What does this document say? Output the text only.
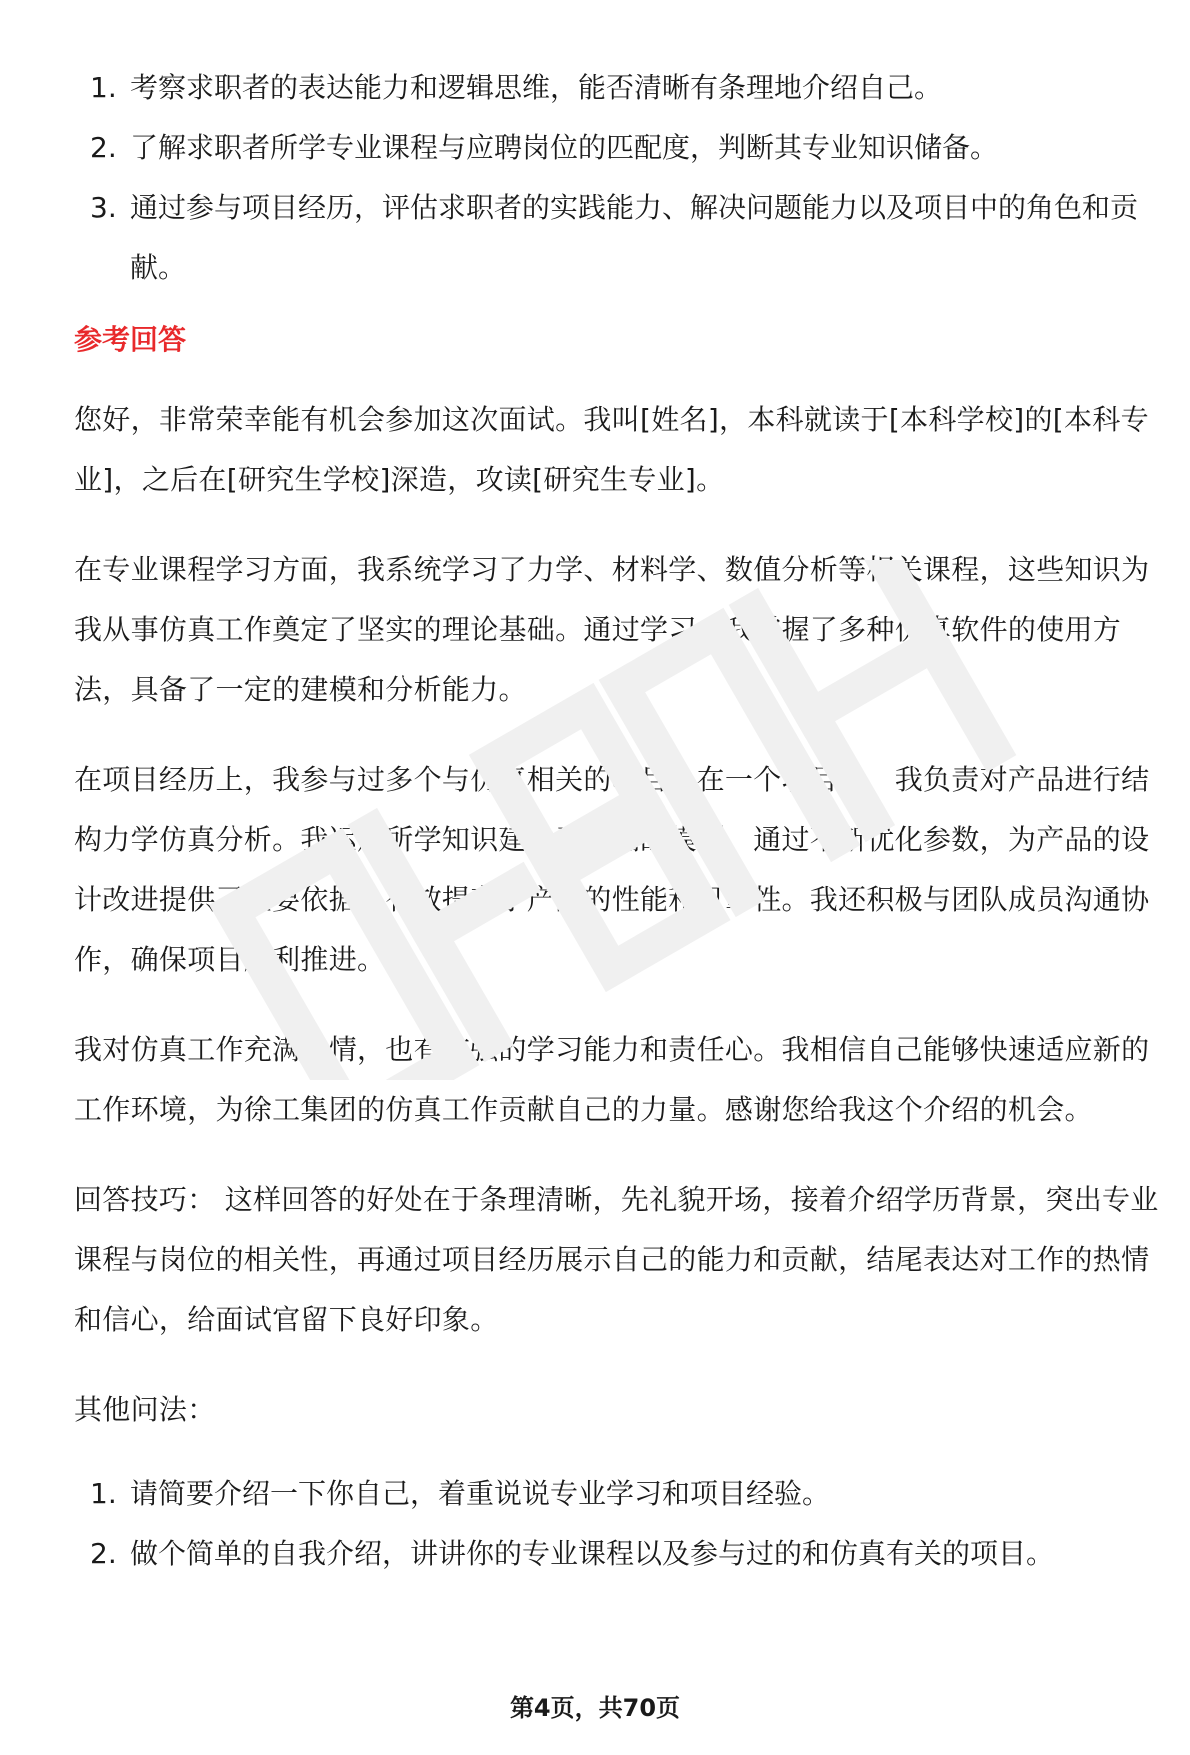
1. 考察求职者的表达能力和逻辑思维，能否清晰有条理地介绍自己。
2. 了解求职者所学专业课程与应聘岗位的匹配度，判断其专业知识储备。
3. 通过参与项目经历，评估求职者的实践能力、解决问题能力以及项目中的角色和贡献。
参考回答

您好，非常荣幸能有机会参加这次面试。我叫[姓名]，本科就读于[本科学校]的[本科专业]，之后在[研究生学校]深造，攻读[研究生专业]。

在专业课程学习方面，我系统学习了力学、材料学、数值分析等相关课程，这些知识为我从事仿真工作奠定了坚实的理论基础。通过学习，我掌握了多种仿真软件的使用方法，具备了一定的建模和分析能力。

在项目经历上，我参与过多个与仿真相关的项目。在一个项目中，我负责对产品进行结构力学仿真分析。我运用所学知识建立了精确的模型，通过不断优化参数，为产品的设计改进提供了重要依据，有效提高了产品的性能和可靠性。我还积极与团队成员沟通协作，确保项目顺利推进。

我对仿真工作充满热情，也有较强的学习能力和责任心。我相信自己能够快速适应新的工作环境，为徐工集团的仿真工作贡献自己的力量。感谢您给我这个介绍的机会。

回答技巧： 这样回答的好处在于条理清晰，先礼貌开场，接着介绍学历背景，突出专业课程与岗位的相关性，再通过项目经历展示自己的能力和贡献，结尾表达对工作的热情和信心，给面试官留下良好印象。

其他问法：

1. 请简要介绍一下你自己，着重说说专业学习和项目经验。
2. 做个简单的自我介绍，讲讲你的专业课程以及参与过的和仿真有关的项目。
第4页，共70页
